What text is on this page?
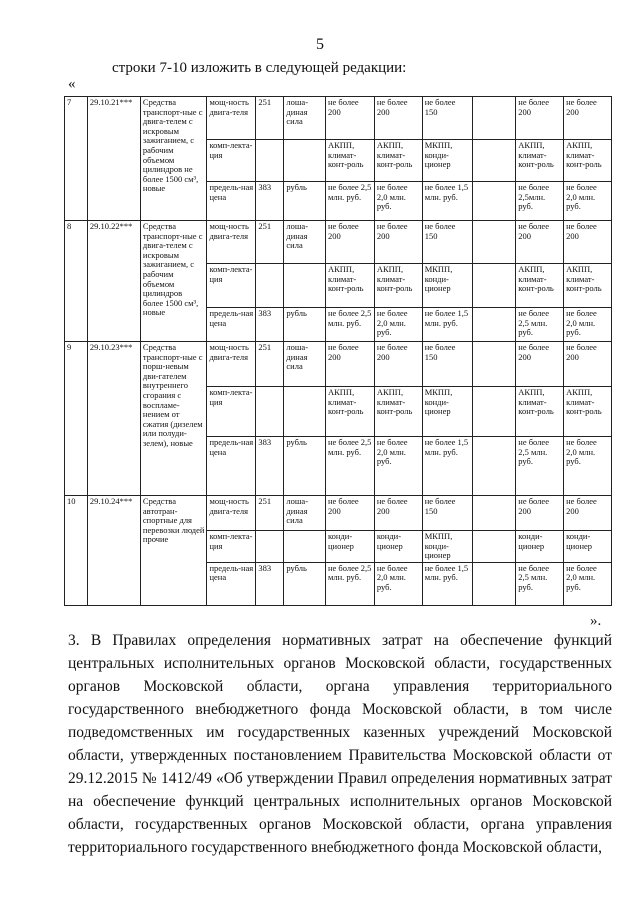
5
строки 7-10 изложить в следующей редакции:
«
7	29.10.21***	Средства транспорт-ные с двига-телем с искровым зажиганием, с рабочим объемом цилиндров не более 1500 см³, новые	мощ-ность двига-теля	251	лоша-диная сила	не более 200	не более 200	не более 150		не более 200	не более 200
			комп-лекта-ция			АКПП, климат-конт-роль	АКПП, климат-конт-роль	МКПП, конди-ционер		АКПП, климат-конт-роль	АКПП, климат-конт-роль
			предель-ная цена	383	рубль	не более 2,5 млн. руб.	не более 2,0 млн. руб.	не более 1,5 млн. руб.		не более 2,5млн. руб.	не более 2,0 млн. руб.
8	29.10.22***	Средства транспорт-ные с двига-телем с искровым зажиганием, с рабочим объемом цилиндров более 1500 см³, новые	мощ-ность двига-теля	251	лоша-диная сила	не более 200	не более 200	не более 150		не более 200	не более 200
			комп-лекта-ция			АКПП, климат-конт-роль	АКПП, климат-конт-роль	МКПП, конди-ционер		АКПП, климат-конт-роль	АКПП, климат-конт-роль
			предель-ная цена	383	рубль	не более 2,5 млн. руб.	не более 2,0 млн. руб.	не более 1,5 млн. руб.		не более 2,5 млн. руб.	не более 2,0 млн. руб.
9	29.10.23***	Средства транспорт-ные с порш-невым дви-гателем внутреннего сгорания с воспламе-нением от сжатия (дизелем или полуди-зелем), новые	мощ-ность двига-теля	251	лоша-диная сила	не более 200	не более 200	не более 150		не более 200	не более 200
			комп-лекта-ция			АКПП, климат-конт-роль	АКПП, климат-конт-роль	МКПП, конди-ционер		АКПП, климат-конт-роль	АКПП, климат-конт-роль
			предель-ная цена	383	рубль	не более 2,5 млн. руб.	не более 2,0 млн. руб.	не более 1,5 млн. руб.		не более 2,5 млн. руб.	не более 2,0 млн. руб.
10	29.10.24***	Средства автотран-спортные для перевозки людей прочие	мощ-ность двига-теля	251	лоша-диная сила	не более 200	не более 200	не более 150		не более 200	не более 200
			комп-лекта-ция			конди-ционер	конди-ционер	МКПП, конди-ционер		конди-ционер	конди-ционер
			предель-ная цена	383	рубль	не более 2,5 млн. руб.	не более 2,0 млн. руб.	не более 1,5 млн. руб.		не более 2,5 млн. руб.	не более 2,0 млн. руб.
».

3. В Правилах определения нормативных затрат на обеспечение функций центральных исполнительных органов Московской области, государственных органов Московской области, органа управления территориального государственного внебюджетного фонда Московской области, в том числе подведомственных им государственных казенных учреждений Московской области, утвержденных постановлением Правительства Московской области от 29.12.2015 № 1412/49 «Об утверждении Правил определения нормативных затрат на обеспечение функций центральных исполнительных органов Московской области, государственных органов Московской области, органа управления территориального государственного внебюджетного фонда Московской области,
